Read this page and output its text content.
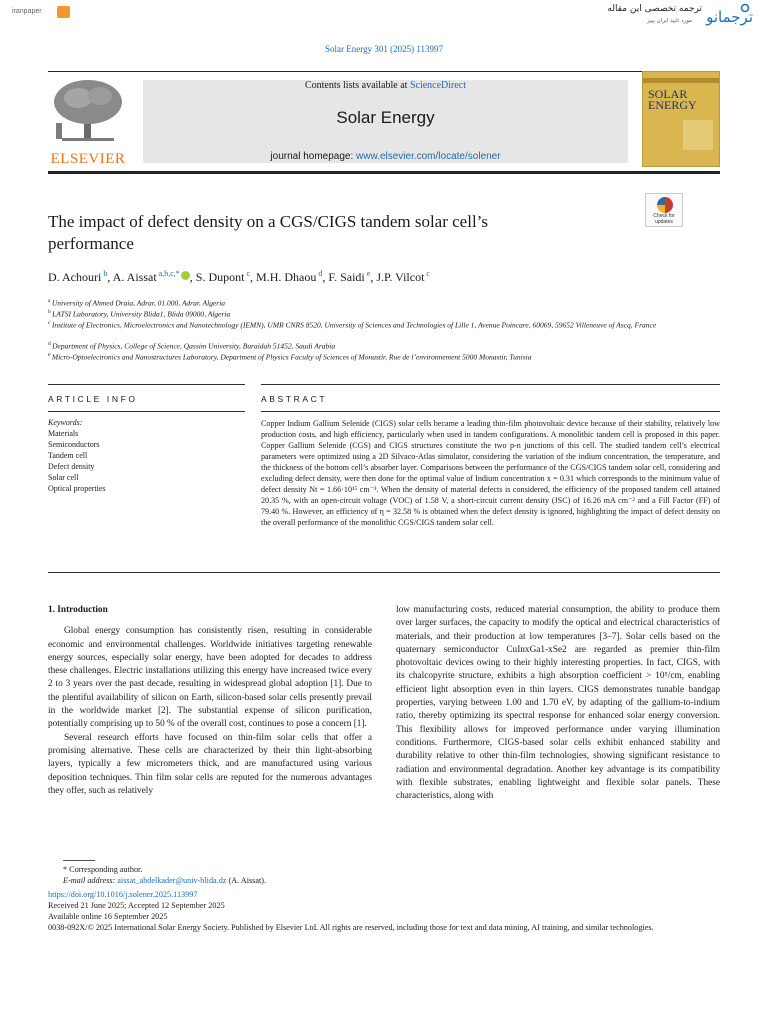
iranpaper	ترجمه تخصصی این مقاله
مورد تایید ایران پیپر ترجمانو
Solar Energy 301 (2025) 113997
ELSEVIER
Contents lists available at ScienceDirect
Solar Energy
journal homepage: www.elsevier.com/locate/solener
SOLAR
ENERGY
The impact of defect density on a CGS/CIGS tandem solar cell’s performance
Check for updates
D. Achouri $^b$, A. Aissat $^{a,b,c,*}$ , S. Dupont $^c$, M.H. Dhaou $^d$, F. Saidi $^e$, J.P. Vilcot $^c$
$^a$ University of Ahmed Draia, Adrar, 01.000, Adrar, Algeria
$^b$ LATSI Laboratory, University Blida1, Blida 09000, Algeria
$^c$ Institute of Electronics, Microelectronics and Nanotechnology (IEMN), UMR CNRS 8520, University of Sciences and Technologies of Lille 1, Avenue Poincare, 60069, 59652 Villeneuve of Ascq, France
$^d$ Department of Physics, College of Science, Qassim University, Buraidah 51452, Saudi Arabia
$^e$ Micro-Optoelectronics and Nanostructures Laboratory, Department of Physics Faculty of Sciences of Monastir, Rue de l’environnement 5000 Monastir, Tunisia
ARTICLE INFO	ABSTRACT
Keywords:
Materials
Semiconductors
Tandem cell
Defect density
Solar cell
Optical properties
Copper Indium Gallium Selenide (CIGS) solar cells became a leading thin-film photovoltaic device because of their stability, relatively low production costs, and high efficiency, particularly when used in tandem configurations. A monolithic tandem cell is proposed in this paper. Copper Gallium Selenide (CGS) and CIGS structures constitute the two p-n junctions of this cell. The studied tandem cell’s electrical parameters were optimized using a 2D Silvaco-Atlas simulator, considering the variation of the indium concentration, the temperature, and the thickness of the bottom cell’s absorber layer. Comparisons between the performance of the CGS/CIGS tandem solar cell, considering and excluding defect density, were then done for the optimal value of Indium concentration x = 0.31 which corresponds to the minimum value of defect density Nt = 1.66·10¹⁵ cm⁻³. When the density of material defects is considered, the efficiency of the proposed tandem cell attained 20.35 %, with an open-circuit voltage (VOC) of 1.58 V, a short-circuit current density (JSC) of 16.26 mA cm⁻² and a Fill Factor (FF) of 79.40 %. However, an efficiency of η = 32.58 % is obtained when the defect density is ignored, highlighting the impact of defect density on the overall performance of the monolithic CGS/CIGS tandem solar cell.
1. Introduction

Global energy consumption has consistently risen, resulting in considerable economic and environmental challenges. Worldwide initiatives targeting renewable energy sources, especially solar energy, have been adopted for decades to address these challenges. Electric installations utilizing this energy have increased twice every 2 to 3 years over the past decade, resulting in widespread global adoption [1]. Due to the plentiful availability of silicon on Earth, silicon-based solar cells presently prevail in the worldwide market [2]. The substantial expense of silicon purification, potentially comprising up to 50 % of the overall cost, continues to pose a concern [1].

Several research efforts have focused on thin-film solar cells that offer a promising alternative. These cells are characterized by their thin light-absorbing layers, typically a few micrometers thick, and are manufactured using various deposition techniques. Thin film solar cells are reputed for the numerous advantages they offer, such as relatively

low manufacturing costs, reduced material consumption, the ability to produce them over larger surfaces, the capacity to modify the optical and electrical characteristics of materials, and their production at low temperatures [3–7]. Solar cells based on the quaternary semiconductor CuInxGa1-xSe2 are regarded as premier thin-film photovoltaic devices owing to their highly interesting properties. In fact, CIGS, with its chalcopyrite structure, exhibits a high absorption coefficient > 10⁵/cm, enabling efficient light absorption even in thin layers. CIGS demonstrates tunable bandgap properties, varying between 1.00 and 1.70 eV, by adapting of the gallium-to-indium ratio, thereby optimizing its spectral response for enhanced solar energy conversion. This flexibility allows for improved performance under varying illumination conditions. Furthermore, CIGS-based solar cells exhibit enhanced stability and durability relative to other thin-film technologies, showing significant resistance to radiation and environmental degradation. Another key advantage is its compatibility with flexible substrates, enabling lightweight and flexible solar panels. These characteristics, along with

* Corresponding author.
E-mail address: aissat_abdelkader@univ-blida.dz (A. Aissat).
https://doi.org/10.1016/j.solener.2025.113997
Received 21 June 2025; Accepted 12 September 2025
Available online 16 September 2025
0038-092X/© 2025 International Solar Energy Society. Published by Elsevier Ltd. All rights are reserved, including those for text and data mining, AI training, and similar technologies.
